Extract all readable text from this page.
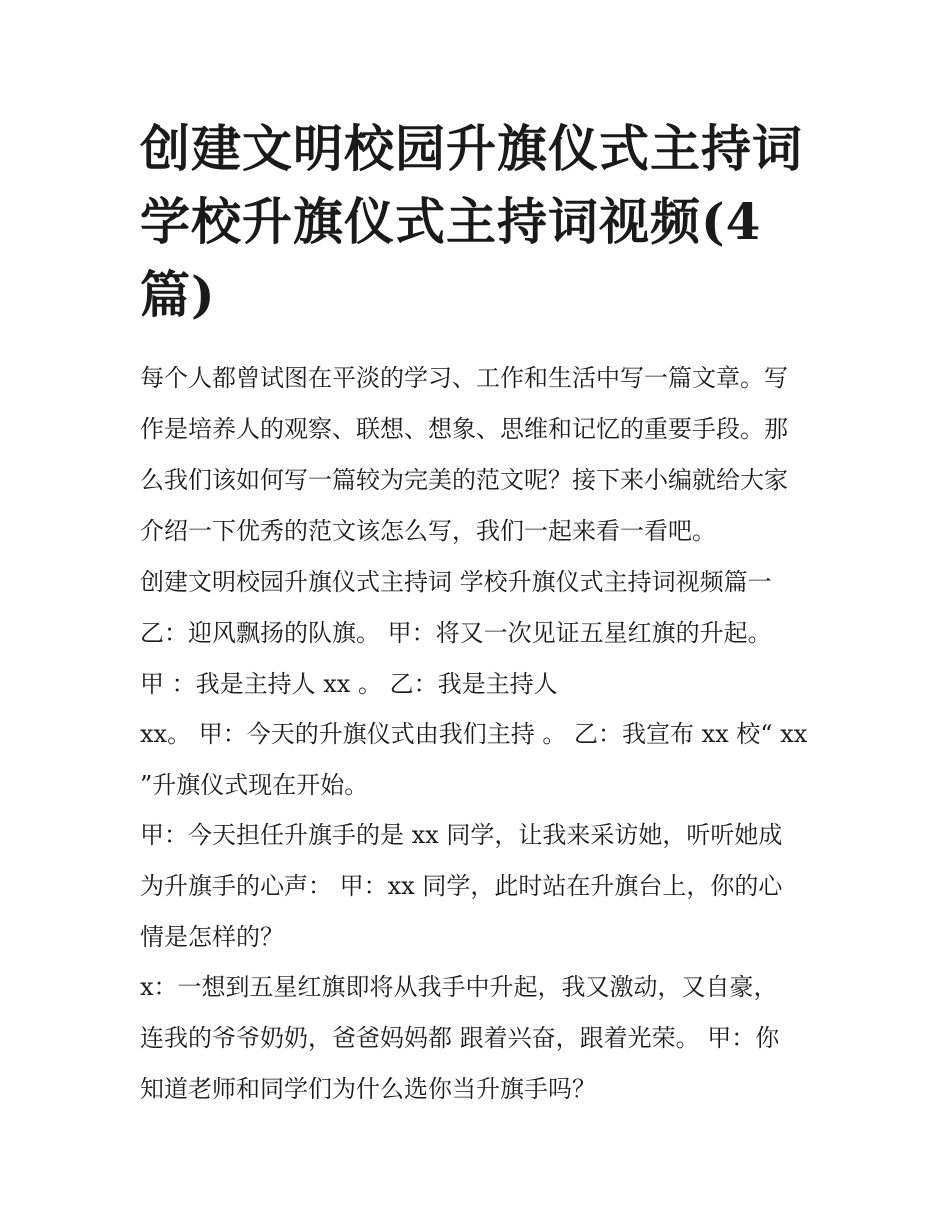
创建文明校园升旗仪式主持词
学校升旗仪式主持词视频(4
篇)

每个人都曾试图在平淡的学习、工作和生活中写一篇文章。写
作是培养人的观察、联想、想象、思维和记忆的重要手段。那
么我们该如何写一篇较为完美的范文呢？接下来小编就给大家
介绍一下优秀的范文该怎么写，我们一起来看一看吧。

创建文明校园升旗仪式主持词 学校升旗仪式主持词视频篇一
乙：迎风飘扬的队旗。 甲：将又一次见证五星红旗的升起。
甲 ：我是主持人 xx 。 乙：我是主持人

xx。 甲：今天的升旗仪式由我们主持 。 乙：我宣布 xx 校“ xx
”升旗仪式现在开始。

甲：今天担任升旗手的是 xx 同学，让我来采访她，听听她成
为升旗手的心声： 甲：xx 同学，此时站在升旗台上，你的心
情是怎样的？

x：一想到五星红旗即将从我手中升起，我又激动，又自豪，
连我的爷爷奶奶，爸爸妈妈都 跟着兴奋，跟着光荣。 甲：你
知道老师和同学们为什么选你当升旗手吗？
